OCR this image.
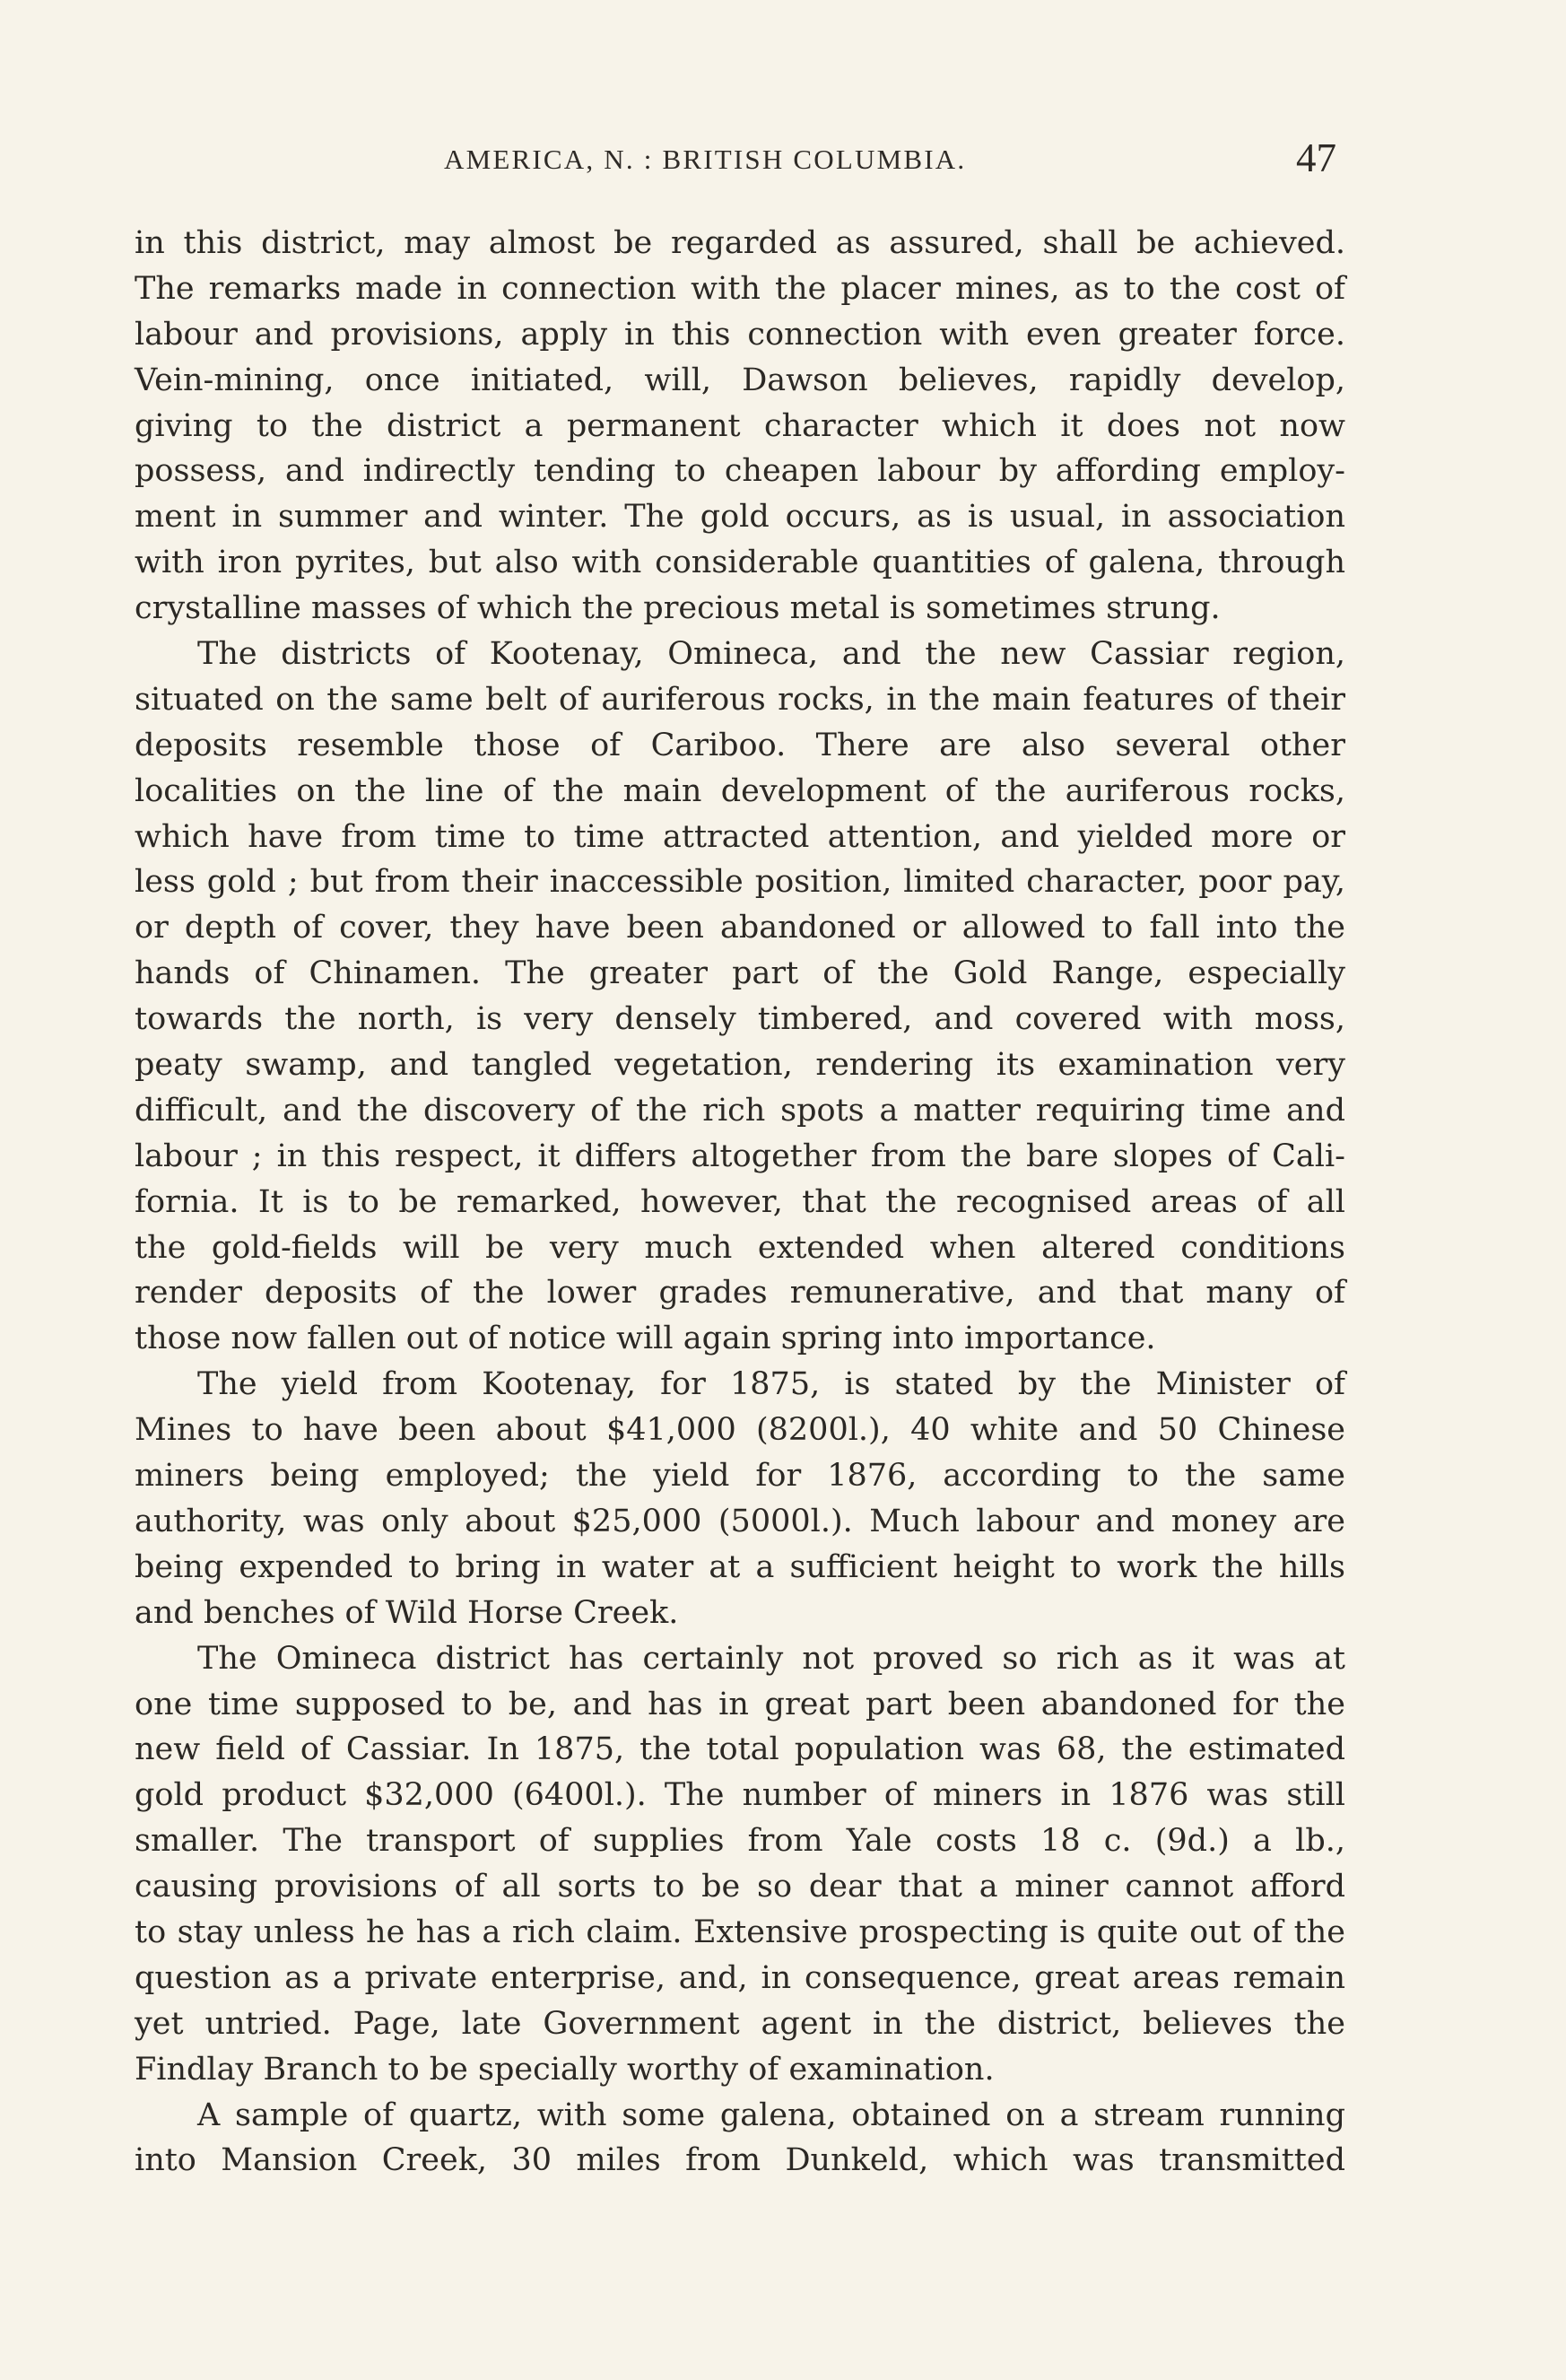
AMERICA, N. : BRITISH COLUMBIA.	47
in this district, may almost be regarded as assured, shall be achieved.
The remarks made in connection with the placer mines, as to the cost of
labour and provisions, apply in this connection with even greater force.
Vein-mining, once initiated, will, Dawson believes, rapidly develop,
giving to the district a permanent character which it does not now
possess, and indirectly tending to cheapen labour by affording employ-
ment in summer and winter. The gold occurs, as is usual, in association
with iron pyrites, but also with considerable quantities of galena, through
crystalline masses of which the precious metal is sometimes strung.
The districts of Kootenay, Omineca, and the new Cassiar region,
situated on the same belt of auriferous rocks, in the main features of their
deposits resemble those of Cariboo. There are also several other
localities on the line of the main development of the auriferous rocks,
which have from time to time attracted attention, and yielded more or
less gold ; but from their inaccessible position, limited character, poor pay,
or depth of cover, they have been abandoned or allowed to fall into the
hands of Chinamen. The greater part of the Gold Range, especially
towards the north, is very densely timbered, and covered with moss,
peaty swamp, and tangled vegetation, rendering its examination very
difficult, and the discovery of the rich spots a matter requiring time and
labour ; in this respect, it differs altogether from the bare slopes of Cali-
fornia. It is to be remarked, however, that the recognised areas of all
the gold-fields will be very much extended when altered conditions
render deposits of the lower grades remunerative, and that many of
those now fallen out of notice will again spring into importance.
The yield from Kootenay, for 1875, is stated by the Minister of
Mines to have been about $41,000 (8200l.), 40 white and 50 Chinese
miners being employed; the yield for 1876, according to the same
authority, was only about $25,000 (5000l.). Much labour and money are
being expended to bring in water at a sufficient height to work the hills
and benches of Wild Horse Creek.
The Omineca district has certainly not proved so rich as it was at
one time supposed to be, and has in great part been abandoned for the
new field of Cassiar. In 1875, the total population was 68, the estimated
gold product $32,000 (6400l.). The number of miners in 1876 was still
smaller. The transport of supplies from Yale costs 18 c. (9d.) a lb.,
causing provisions of all sorts to be so dear that a miner cannot afford
to stay unless he has a rich claim. Extensive prospecting is quite out of the
question as a private enterprise, and, in consequence, great areas remain
yet untried. Page, late Government agent in the district, believes the
Findlay Branch to be specially worthy of examination.
A sample of quartz, with some galena, obtained on a stream running
into Mansion Creek, 30 miles from Dunkeld, which was transmitted
